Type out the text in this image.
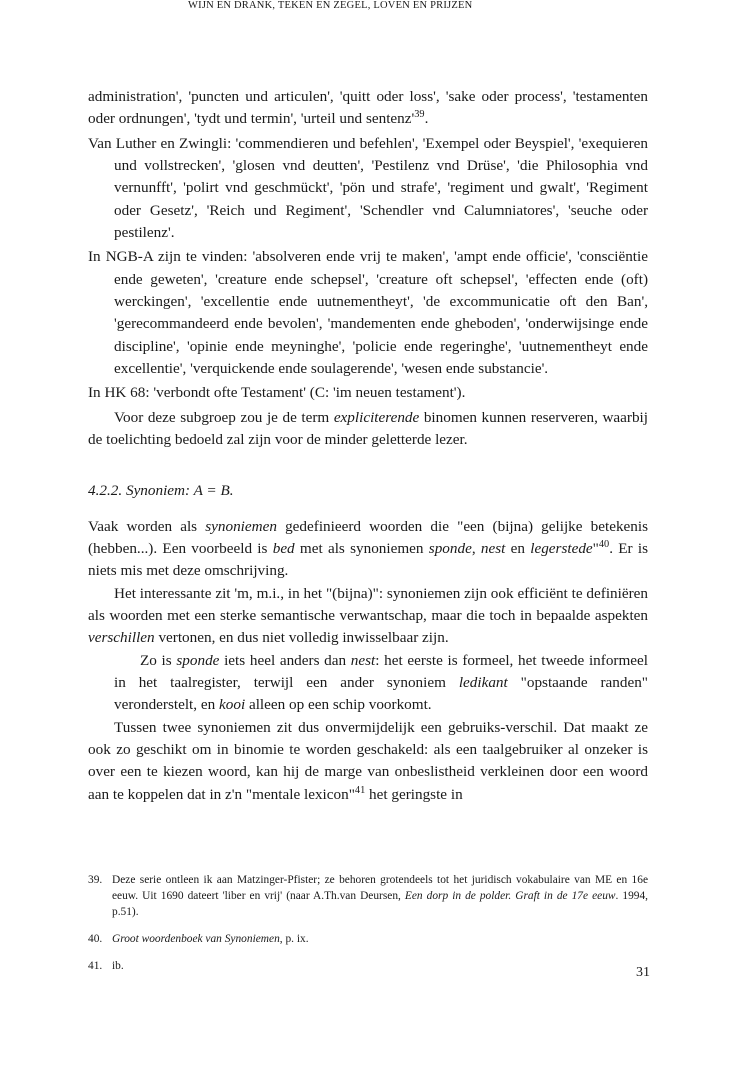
WIJN EN DRANK, TEKEN EN ZEGEL, LOVEN EN PRIJZEN

administration', 'puncten und articulen', 'quitt oder loss', 'sake oder process', 'testamenten oder ordnungen', 'tydt und termin', 'urteil und $sentenz'^{39}$.

Van Luther en Zwingli: 'commendieren und befehlen', 'Exempel oder Beyspiel', 'exequieren und vollstrecken', 'glosen vnd deutten', 'Pestilenz vnd Drüse', 'die Philosophia vnd vernunfft', 'polirt vnd geschmückt', 'pön und strafe', 'regiment und gwalt', 'Regiment oder Gesetz', 'Reich und Regiment', 'Schendler vnd Calumniatores', 'seuche oder pestilenz'.

In NGB-A zijn te vinden: 'absolveren ende vrij te maken', 'ampt ende officie', 'consciëntie ende geweten', 'creature ende schepsel', 'creature oft schepsel', 'effecten ende (oft) werckingen', 'excellentie ende uutnementheyt', 'de excommunicatie oft den Ban', 'gerecommandeerd ende bevolen', 'mandementen ende gheboden', 'onderwijsinge ende discipline', 'opinie ende meyninghe', 'policie ende regeringhe', 'uutnementheyt ende excellentie', 'verquickende ende soulagerende', 'wesen ende substancie'.

In HK 68: 'verbondt ofte Testament' (C: 'im neuen testament').

Voor deze subgroep zou je de term expliciterende binomen kunnen reserveren, waarbij de toelichting bedoeld zal zijn voor de minder geletterde lezer.

4.2.2. Synoniem: A = B.

Vaak worden als synoniemen gedefinieerd woorden die "een (bijna) gelijke betekenis (hebben...). Een voorbeeld is bed met als synoniemen sponde, nest en legerstede"$^{40}$. Er is niets mis met deze omschrijving.

Het interessante zit 'm, m.i., in het "(bijna)": synoniemen zijn ook efficiënt te definiëren als woorden met een sterke semantische verwantschap, maar die toch in bepaalde aspekten verschillen vertonen, en dus niet volledig inwisselbaar zijn.

Zo is sponde iets heel anders dan nest: het eerste is formeel, het tweede informeel in het taalregister, terwijl een ander synoniem ledikant "opstaande randen" veronderstelt, en kooi alleen op een schip voorkomt.

Tussen twee synoniemen zit dus onvermijdelijk een gebruiks-verschil. Dat maakt ze ook zo geschikt om in binomie te worden geschakeld: als een taalgebruiker al onzeker is over een te kiezen woord, kan hij de marge van onbeslistheid verkleinen door een woord aan te koppelen dat in z'n "mentale lexicon"$^{41}$ het geringste in

39. Deze serie ontleen ik aan Matzinger-Pfister; ze behoren grotendeels tot het juridisch vokabulaire van ME en 16e eeuw. Uit 1690 dateert 'liber en vrij' (naar A.Th.van Deursen, Een dorp in de polder. Graft in de 17e eeuw. 1994, p.51).

40. Groot woordenboek van Synoniemen, p. ix.

41. ib.	31
